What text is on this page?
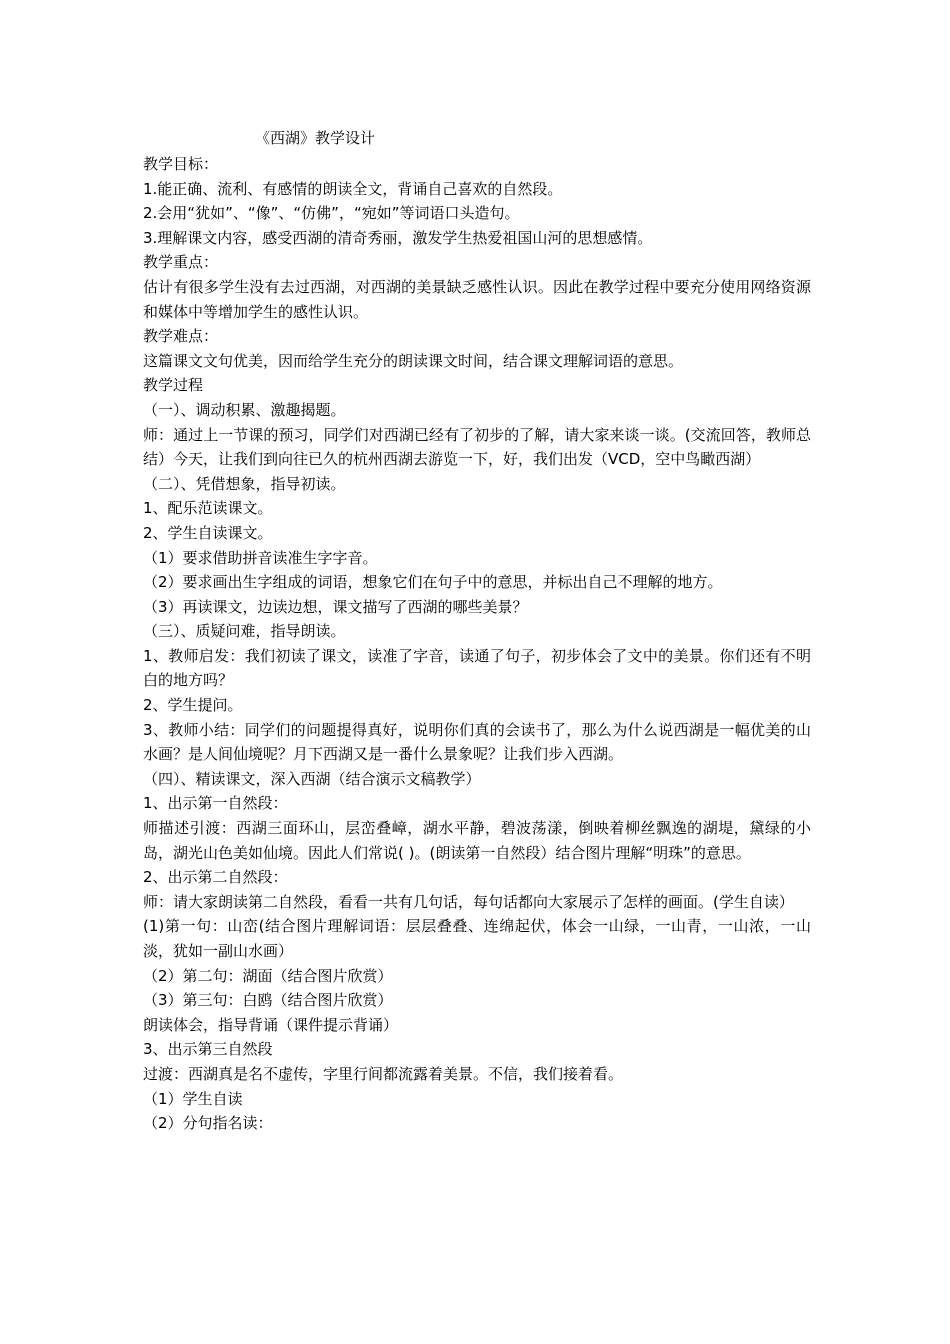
《西湖》教学设计

教学目标：

1.能正确、流利、有感情的朗读全文，背诵自己喜欢的自然段。

2.会用“犹如”、“像”、“仿佛”，“宛如”等词语口头造句。

3.理解课文内容，感受西湖的清奇秀丽，激发学生热爱祖国山河的思想感情。

教学重点：

估计有很多学生没有去过西湖，对西湖的美景缺乏感性认识。因此在教学过程中要充分使用网络资源和媒体中等增加学生的感性认识。

教学难点：

这篇课文文句优美，因而给学生充分的朗读课文时间，结合课文理解词语的意思。

教学过程

（一）、调动积累、激趣揭题。

师：通过上一节课的预习，同学们对西湖已经有了初步的了解，请大家来谈一谈。(交流回答，教师总结）今天，让我们到向往已久的杭州西湖去游览一下，好，我们出发（VCD，空中鸟瞰西湖）

（二）、凭借想象，指导初读。

1、配乐范读课文。

2、学生自读课文。

（1）要求借助拼音读准生字字音。

（2）要求画出生字组成的词语，想象它们在句子中的意思，并标出自己不理解的地方。

（3）再读课文，边读边想，课文描写了西湖的哪些美景？

（三）、质疑问难，指导朗读。

1、教师启发：我们初读了课文，读准了字音，读通了句子，初步体会了文中的美景。你们还有不明白的地方吗？

2、学生提问。

3、教师小结：同学们的问题提得真好，说明你们真的会读书了，那么为什么说西湖是一幅优美的山水画？是人间仙境呢？月下西湖又是一番什么景象呢？让我们步入西湖。

（四）、精读课文，深入西湖（结合演示文稿教学）

1、出示第一自然段：

师描述引渡：西湖三面环山，层峦叠嶂，湖水平静，碧波荡漾，倒映着柳丝飘逸的湖堤，黛绿的小岛，湖光山色美如仙境。因此人们常说( )。(朗读第一自然段）结合图片理解“明珠”的意思。

2、出示第二自然段：

师：请大家朗读第二自然段，看看一共有几句话，每句话都向大家展示了怎样的画面。(学生自读）

(1)第一句：山峦(结合图片理解词语：层层叠叠、连绵起伏，体会一山绿，一山青，一山浓，一山淡，犹如一副山水画）

（2）第二句：湖面（结合图片欣赏）

（3）第三句：白鸥（结合图片欣赏）

朗读体会，指导背诵（课件提示背诵）

3、出示第三自然段

过渡：西湖真是名不虚传，字里行间都流露着美景。不信，我们接着看。

（1）学生自读

（2）分句指名读：
